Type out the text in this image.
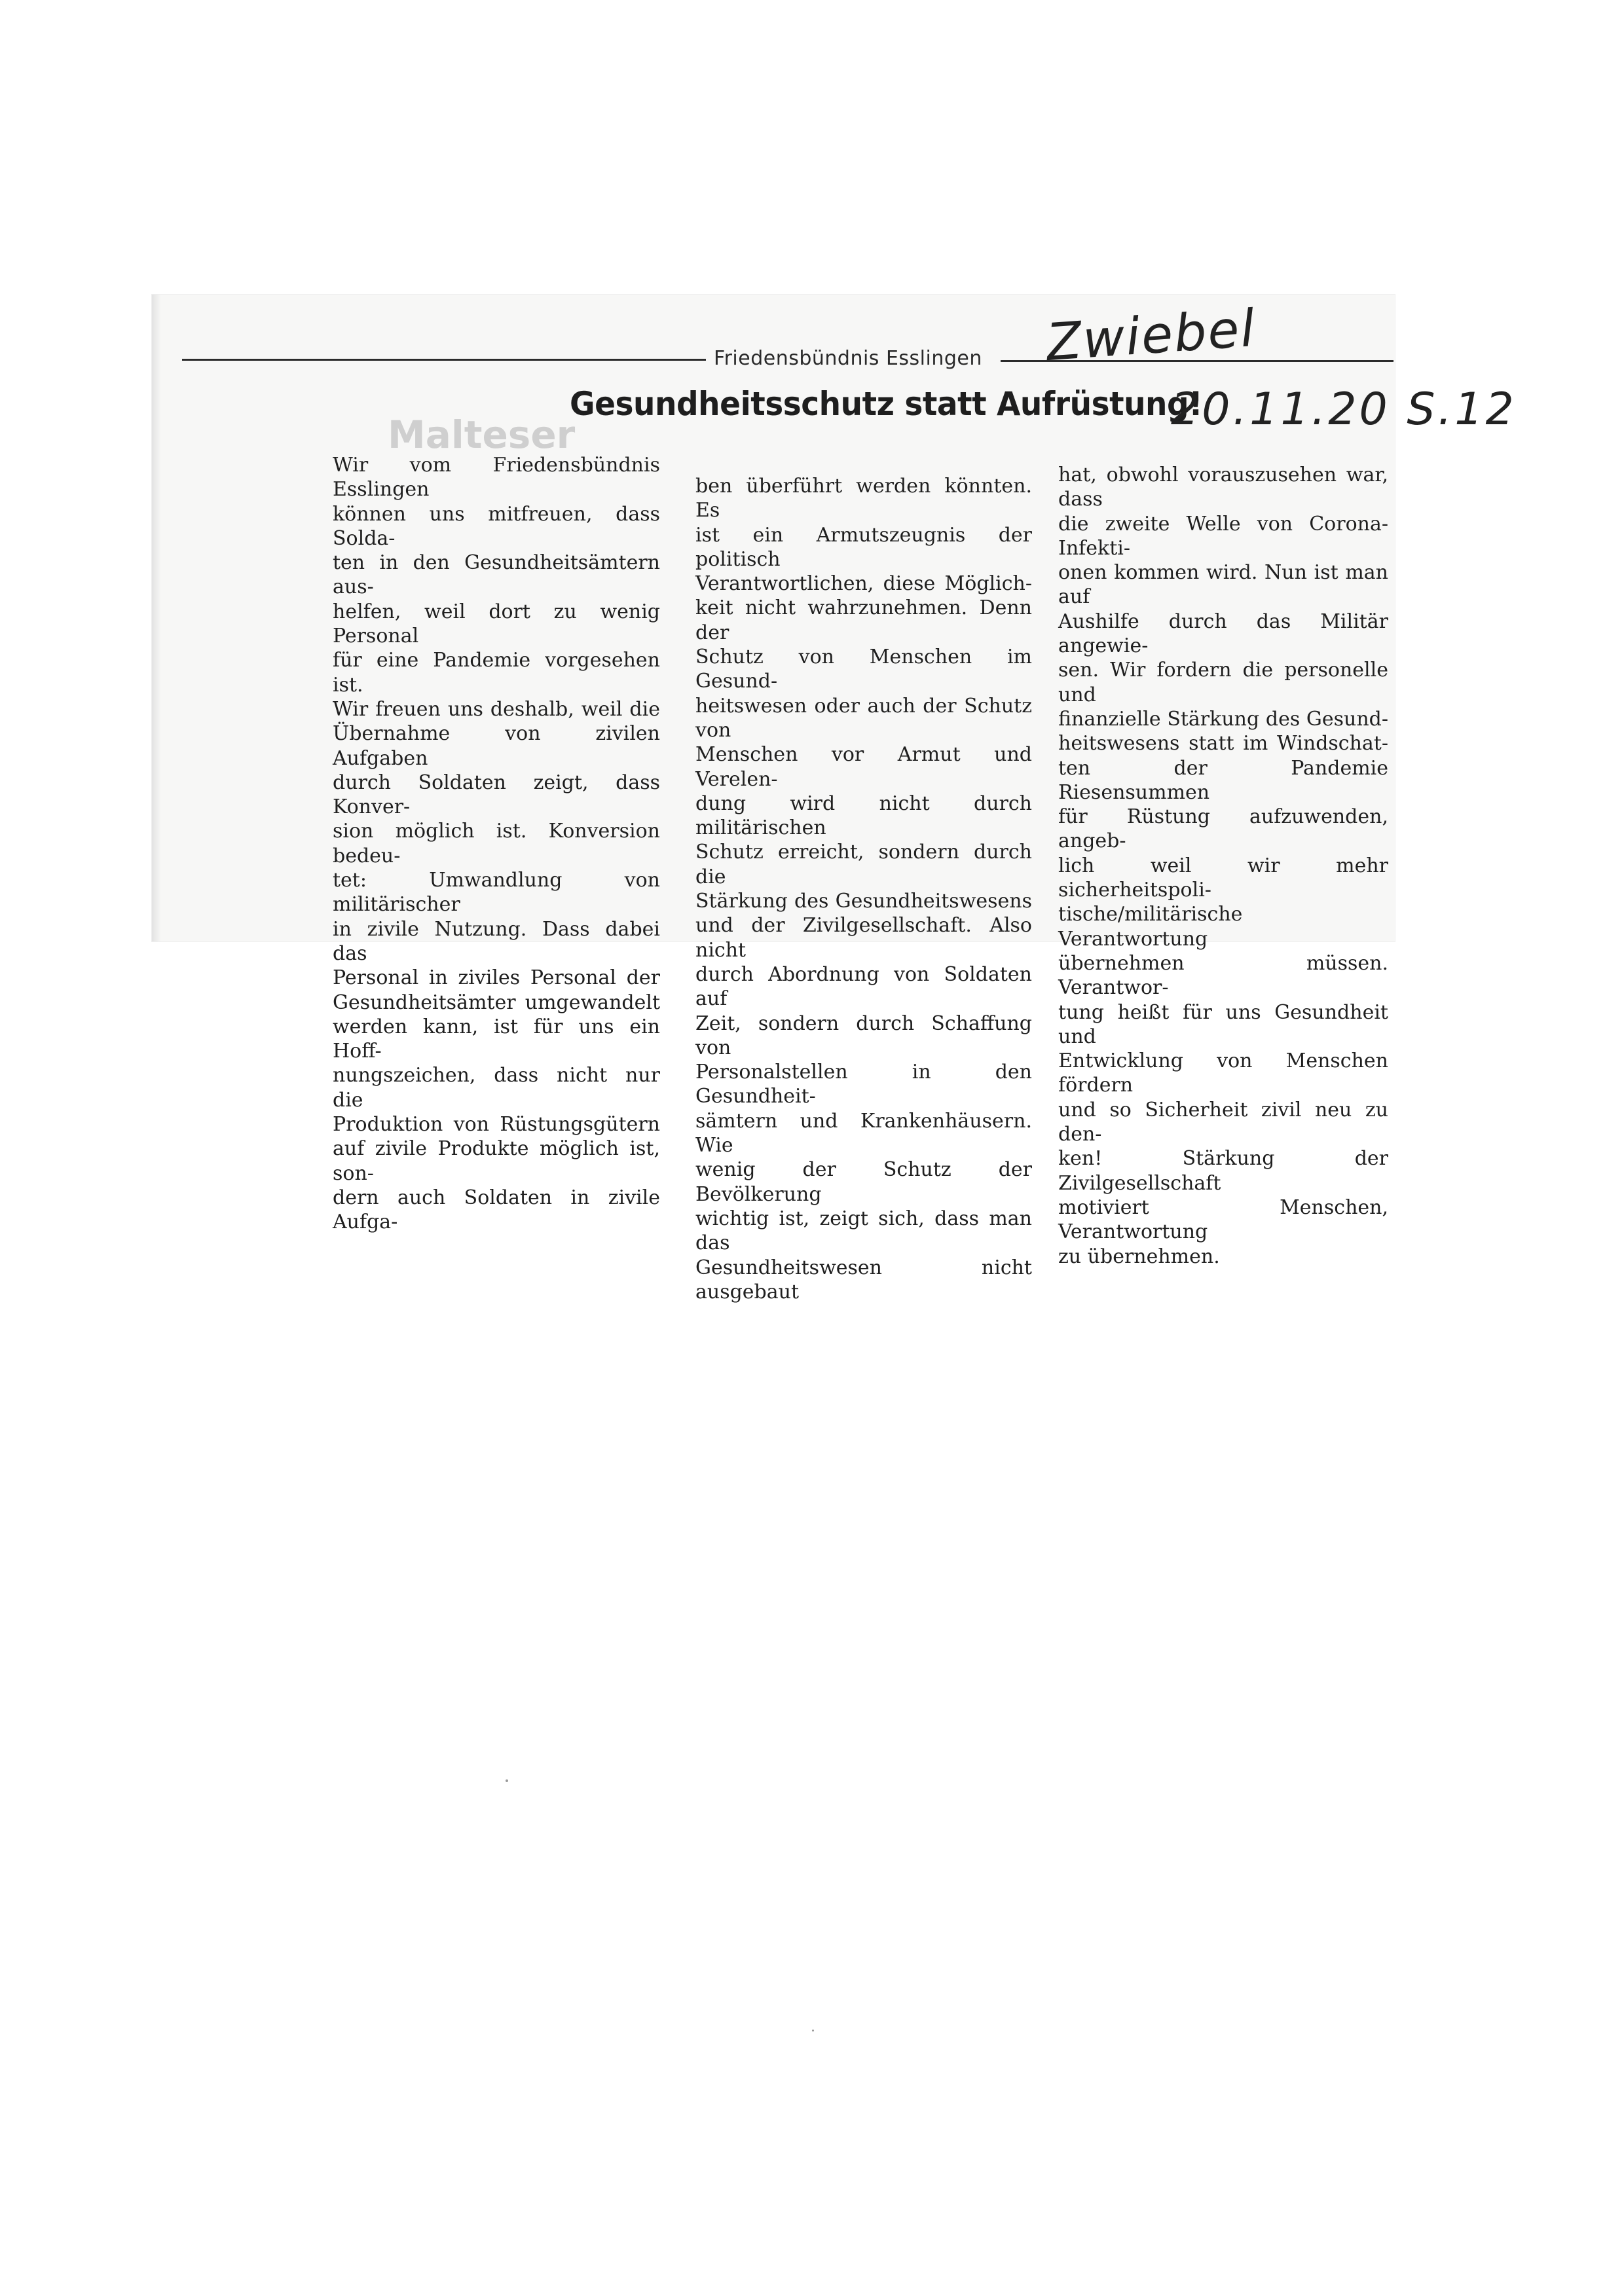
Malteser
Friedensbündnis Esslingen Zwiebel
Gesundheitsschutz statt Aufrüstung!
20.11.20 S.12
Wir vom Friedensbündnis Esslingen
können uns mitfreuen, dass Solda-
ten in den Gesundheitsämtern aus-
helfen, weil dort zu wenig Personal
für eine Pandemie vorgesehen ist.
Wir freuen uns deshalb, weil die
Übernahme von zivilen Aufgaben
durch Soldaten zeigt, dass Konver-
sion möglich ist. Konversion bedeu-
tet: Umwandlung von militärischer
in zivile Nutzung. Dass dabei das
Personal in ziviles Personal der
Gesundheitsämter umgewandelt
werden kann, ist für uns ein Hoff-
nungszeichen, dass nicht nur die
Produktion von Rüstungsgütern
auf zivile Produkte möglich ist, son-
dern auch Soldaten in zivile Aufga-
ben überführt werden könnten. Es
ist ein Armutszeugnis der politisch
Verantwortlichen, diese Möglich-
keit nicht wahrzunehmen. Denn der
Schutz von Menschen im Gesund-
heitswesen oder auch der Schutz von
Menschen vor Armut und Verelen-
dung wird nicht durch militärischen
Schutz erreicht, sondern durch die
Stärkung des Gesundheitswesens
und der Zivilgesellschaft. Also nicht
durch Abordnung von Soldaten auf
Zeit, sondern durch Schaffung von
Personalstellen in den Gesundheit-
sämtern und Krankenhäusern. Wie
wenig der Schutz der Bevölkerung
wichtig ist, zeigt sich, dass man das
Gesundheitswesen nicht ausgebaut
hat, obwohl vorauszusehen war, dass
die zweite Welle von Corona-Infekti-
onen kommen wird. Nun ist man auf
Aushilfe durch das Militär angewie-
sen. Wir fordern die personelle und
finanzielle Stärkung des Gesund-
heitswesens statt im Windschat-
ten der Pandemie Riesensummen
für Rüstung aufzuwenden, angeb-
lich weil wir mehr sicherheitspoli-
tische/militärische Verantwortung
übernehmen müssen. Verantwor-
tung heißt für uns Gesundheit und
Entwicklung von Menschen fördern
und so Sicherheit zivil neu zu den-
ken! Stärkung der Zivilgesellschaft
motiviert Menschen, Verantwortung
zu übernehmen.
